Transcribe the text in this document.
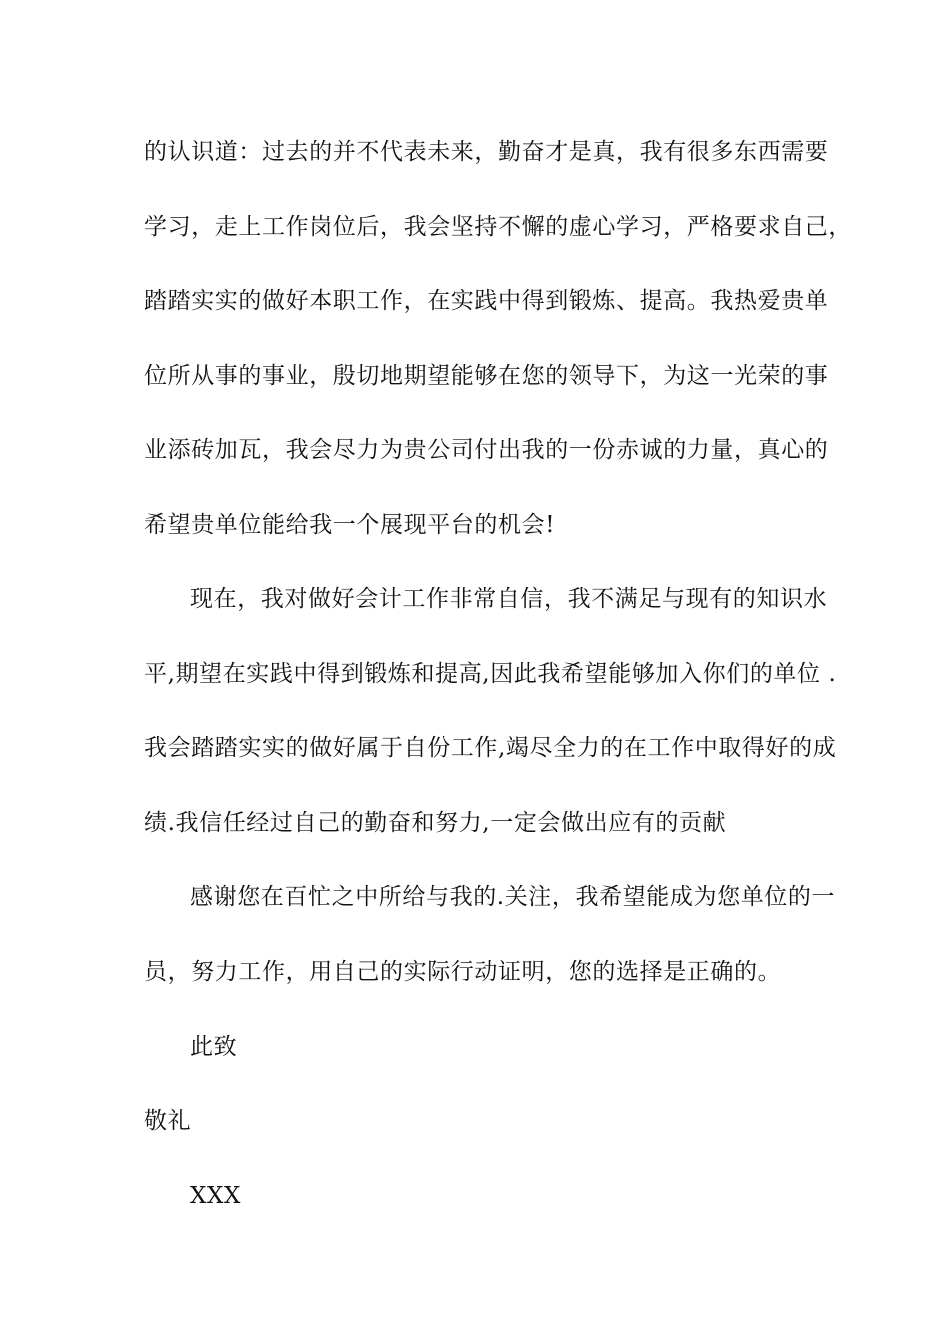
的认识道：过去的并不代表未来，勤奋才是真，我有很多东西需要
学习，走上工作岗位后，我会坚持不懈的虚心学习，严格要求自己，
踏踏实实的做好本职工作，在实践中得到锻炼、提高。我热爱贵单
位所从事的事业，殷切地期望能够在您的领导下，为这一光荣的事
业添砖加瓦，我会尽力为贵公司付出我的一份赤诚的力量，真心的
希望贵单位能给我一个展现平台的机会!
现在，我对做好会计工作非常自信，我不满足与现有的知识水
平,期望在实践中得到锻炼和提高,因此我希望能够加入你们的单位 .
我会踏踏实实的做好属于自份工作,竭尽全力的在工作中取得好的成
绩.我信任经过自己的勤奋和努力,一定会做出应有的贡献
感谢您在百忙之中所给与我的.关注，我希望能成为您单位的一
员，努力工作，用自己的实际行动证明，您的选择是正确的。
此致
敬礼
XXX
